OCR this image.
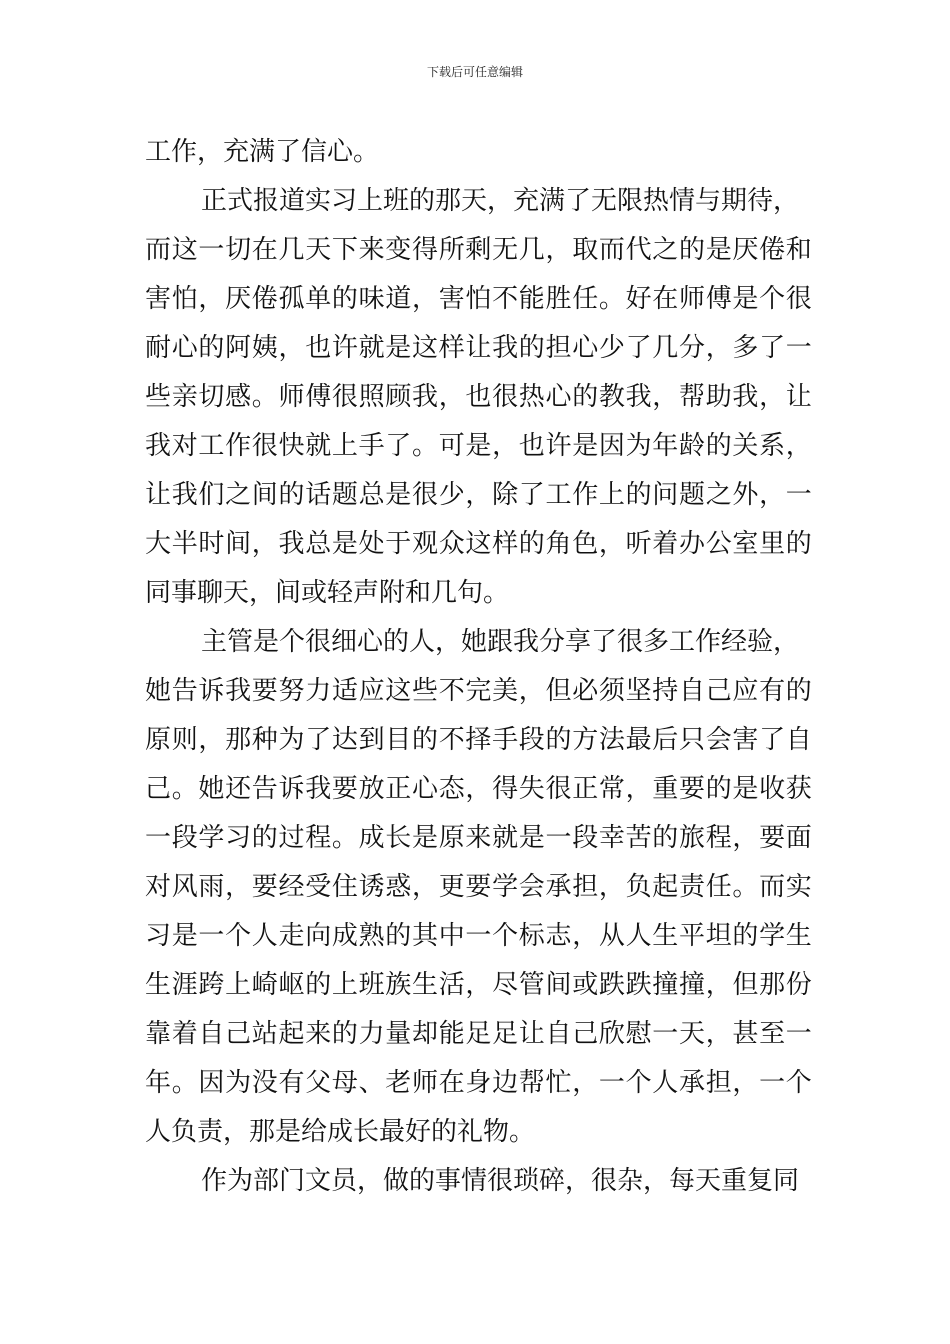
下载后可任意编辑
工作，充满了信心。
正式报道实习上班的那天，充满了无限热情与期待，
而这一切在几天下来变得所剩无几，取而代之的是厌倦和
害怕，厌倦孤单的味道，害怕不能胜任。好在师傅是个很
耐心的阿姨，也许就是这样让我的担心少了几分，多了一
些亲切感。师傅很照顾我，也很热心的教我，帮助我，让
我对工作很快就上手了。可是，也许是因为年龄的关系，
让我们之间的话题总是很少，除了工作上的问题之外，一
大半时间，我总是处于观众这样的角色，听着办公室里的
同事聊天，间或轻声附和几句。
主管是个很细心的人，她跟我分享了很多工作经验，
她告诉我要努力适应这些不完美，但必须坚持自己应有的
原则，那种为了达到目的不择手段的方法最后只会害了自
己。她还告诉我要放正心态，得失很正常，重要的是收获
一段学习的过程。成长是原来就是一段幸苦的旅程，要面
对风雨，要经受住诱惑，更要学会承担，负起责任。而实
习是一个人走向成熟的其中一个标志，从人生平坦的学生
生涯跨上崎岖的上班族生活，尽管间或跌跌撞撞，但那份
靠着自己站起来的力量却能足足让自己欣慰一天，甚至一
年。因为没有父母、老师在身边帮忙，一个人承担，一个
人负责，那是给成长最好的礼物。
作为部门文员，做的事情很琐碎，很杂，每天重复同
